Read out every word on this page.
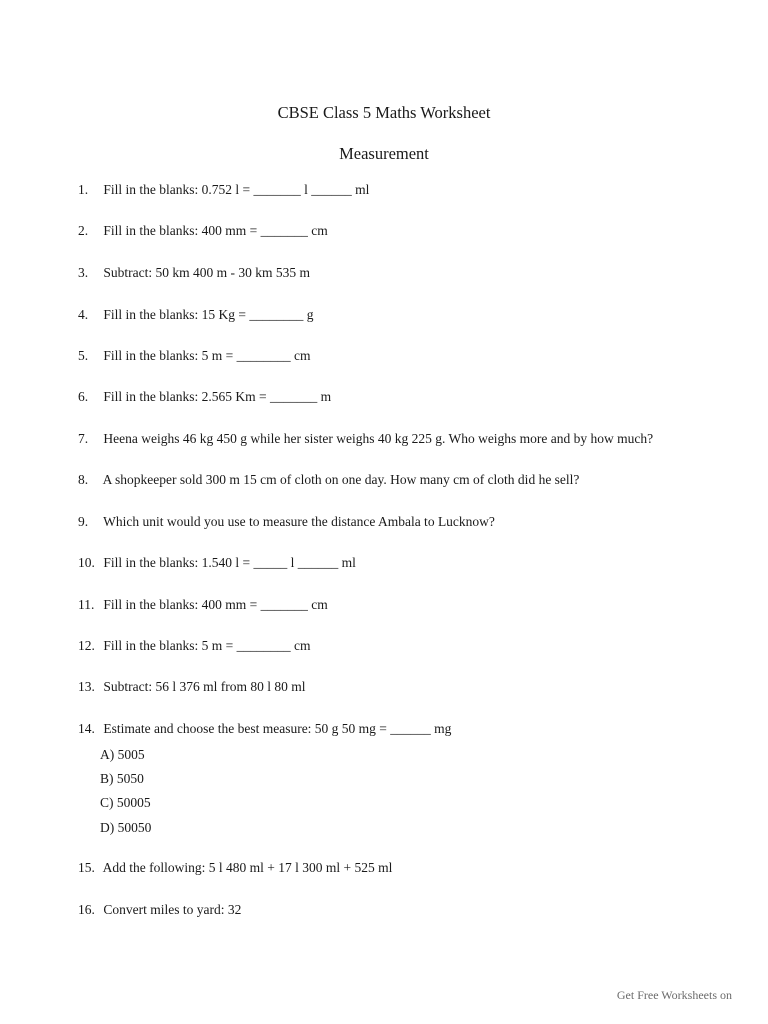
CBSE Class 5 Maths Worksheet
Measurement
1. Fill in the blanks: 0.752 l = _______ l ______ ml
2. Fill in the blanks: 400 mm = _______ cm
3. Subtract: 50 km 400 m - 30 km 535 m
4. Fill in the blanks: 15 Kg = ________ g
5. Fill in the blanks: 5 m = ________ cm
6. Fill in the blanks: 2.565 Km = _______ m
7. Heena weighs 46 kg 450 g while her sister weighs 40 kg 225 g. Who weighs more and by how much?
8. A shopkeeper sold 300 m 15 cm of cloth on one day. How many cm of cloth did he sell?
9. Which unit would you use to measure the distance Ambala to Lucknow?
10. Fill in the blanks: 1.540 l = _____ l ______ ml
11. Fill in the blanks: 400 mm = _______ cm
12. Fill in the blanks: 5 m = ________ cm
13. Subtract: 56 l 376 ml from 80 l 80 ml
14. Estimate and choose the best measure: 50 g 50 mg = ______ mg
A) 5005
B) 5050
C) 50005
D) 50050
15. Add the following: 5 l 480 ml + 17 l 300 ml + 525 ml
16. Convert miles to yard: 32
Get Free Worksheets on
